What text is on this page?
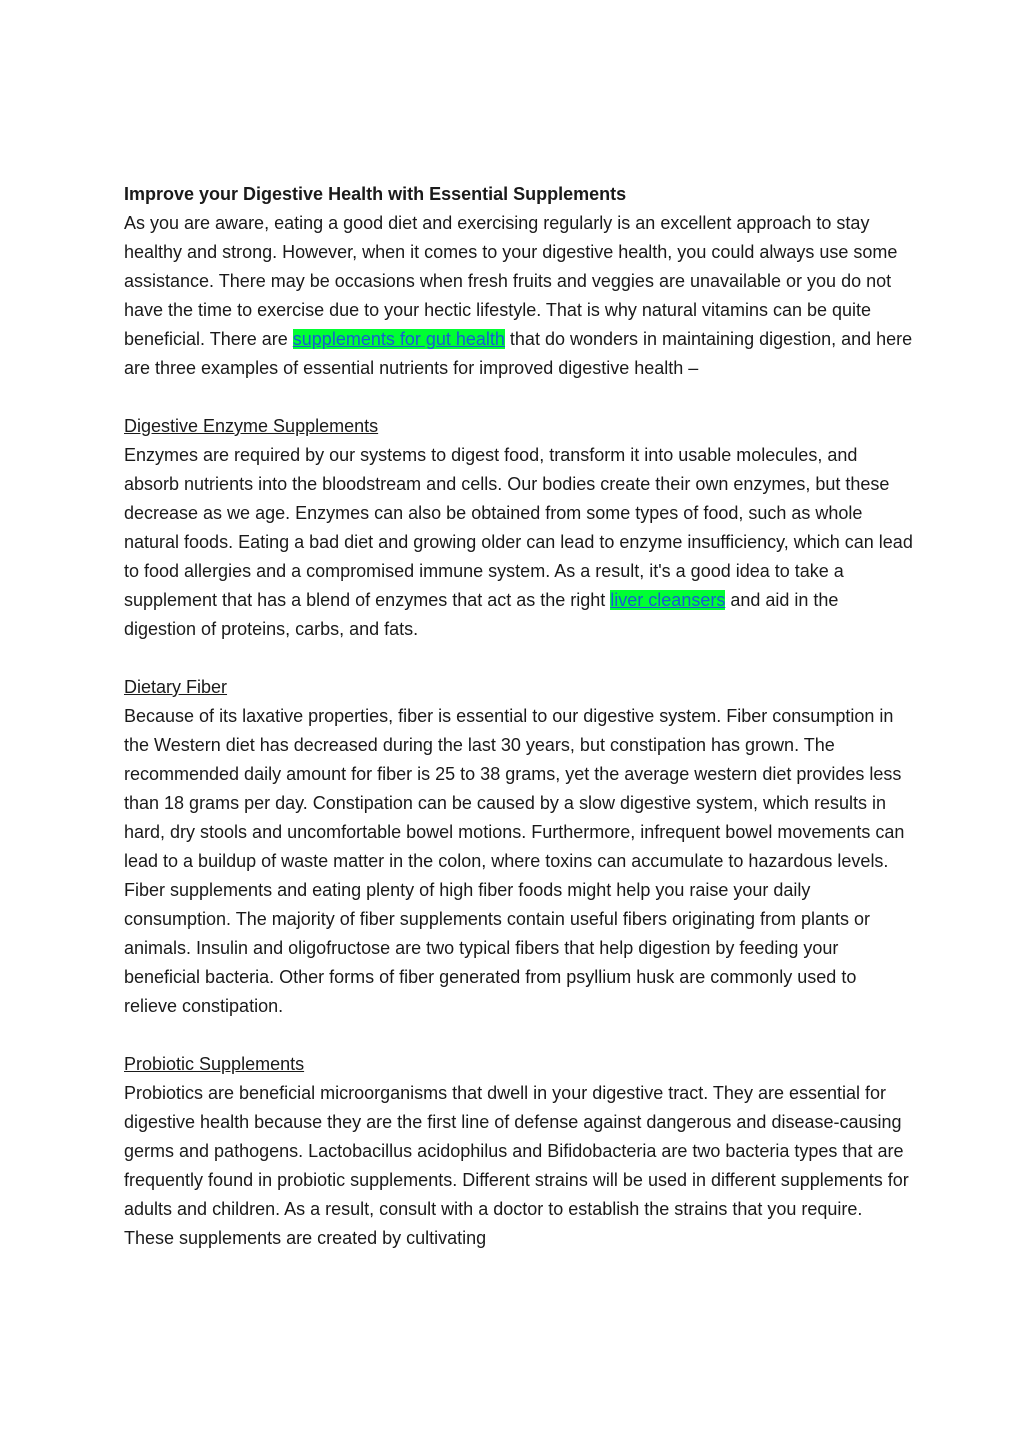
Improve your Digestive Health with Essential Supplements

As you are aware, eating a good diet and exercising regularly is an excellent approach to stay healthy and strong. However, when it comes to your digestive health, you could always use some assistance. There may be occasions when fresh fruits and veggies are unavailable or you do not have the time to exercise due to your hectic lifestyle. That is why natural vitamins can be quite beneficial. There are supplements for gut health that do wonders in maintaining digestion, and here are three examples of essential nutrients for improved digestive health –

Digestive Enzyme Supplements

Enzymes are required by our systems to digest food, transform it into usable molecules, and absorb nutrients into the bloodstream and cells. Our bodies create their own enzymes, but these decrease as we age. Enzymes can also be obtained from some types of food, such as whole natural foods. Eating a bad diet and growing older can lead to enzyme insufficiency, which can lead to food allergies and a compromised immune system. As a result, it's a good idea to take a supplement that has a blend of enzymes that act as the right liver cleansers and aid in the digestion of proteins, carbs, and fats.

Dietary Fiber

Because of its laxative properties, fiber is essential to our digestive system. Fiber consumption in the Western diet has decreased during the last 30 years, but constipation has grown. The recommended daily amount for fiber is 25 to 38 grams, yet the average western diet provides less than 18 grams per day. Constipation can be caused by a slow digestive system, which results in hard, dry stools and uncomfortable bowel motions. Furthermore, infrequent bowel movements can lead to a buildup of waste matter in the colon, where toxins can accumulate to hazardous levels.

Fiber supplements and eating plenty of high fiber foods might help you raise your daily consumption. The majority of fiber supplements contain useful fibers originating from plants or animals. Insulin and oligofructose are two typical fibers that help digestion by feeding your beneficial bacteria. Other forms of fiber generated from psyllium husk are commonly used to relieve constipation.

Probiotic Supplements

Probiotics are beneficial microorganisms that dwell in your digestive tract. They are essential for digestive health because they are the first line of defense against dangerous and disease-causing germs and pathogens. Lactobacillus acidophilus and Bifidobacteria are two bacteria types that are frequently found in probiotic supplements. Different strains will be used in different supplements for adults and children. As a result, consult with a doctor to establish the strains that you require. These supplements are created by cultivating
